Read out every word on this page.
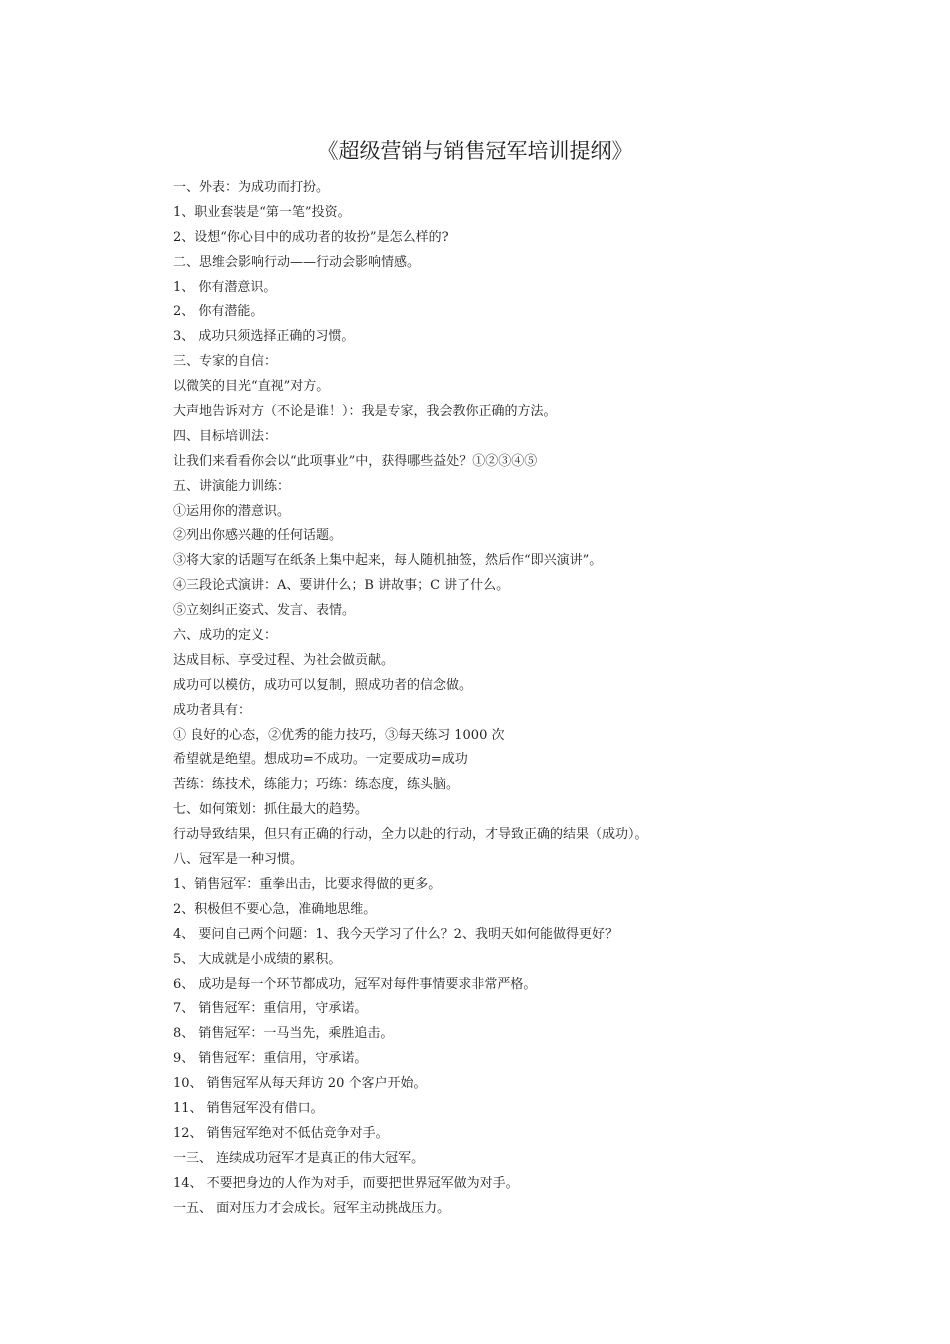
《超级营销与销售冠军培训提纲》
一、外表：为成功而打扮。
1、职业套装是“第一笔”投资。
2、设想“你心目中的成功者的妆扮”是怎么样的?
二、思维会影响行动——行动会影响情感。
1、 你有潜意识。
2、 你有潜能。
3、 成功只须选择正确的习惯。
三、专家的自信：
以微笑的目光“直视”对方。
大声地告诉对方（不论是谁！）：我是专家，我会教你正确的方法。
四、目标培训法：
让我们来看看你会以“此项事业”中，获得哪些益处？①②③④⑤
五、讲演能力训练：
①运用你的潜意识。
②列出你感兴趣的任何话题。
③将大家的话题写在纸条上集中起来，每人随机抽签，然后作“即兴演讲”。
④三段论式演讲：A、要讲什么；B 讲故事；C 讲了什么。
⑤立刻纠正姿式、发言、表情。
六、成功的定义：
达成目标、享受过程、为社会做贡献。
成功可以模仿，成功可以复制，照成功者的信念做。
成功者具有：
① 良好的心态，②优秀的能力技巧，③每天练习 1000 次
希望就是绝望。想成功=不成功。一定要成功=成功
苦练：练技术，练能力；巧练：练态度，练头脑。
七、如何策划：抓住最大的趋势。
行动导致结果，但只有正确的行动，全力以赴的行动，才导致正确的结果（成功）。
八、冠军是一种习惯。
1、销售冠军：重拳出击，比要求得做的更多。
2、积极但不要心急，准确地思维。
4、 要问自己两个问题：1、我今天学习了什么？2、我明天如何能做得更好？
5、 大成就是小成绩的累积。
6、 成功是每一个环节都成功，冠军对每件事情要求非常严格。
7、 销售冠军：重信用，守承诺。
8、 销售冠军：一马当先，乘胜追击。
9、 销售冠军：重信用，守承诺。
10、 销售冠军从每天拜访 20 个客户开始。
11、 销售冠军没有借口。
12、 销售冠军绝对不低估竞争对手。
一三、 连续成功冠军才是真正的伟大冠军。
14、 不要把身边的人作为对手，而要把世界冠军做为对手。
一五、 面对压力才会成长。冠军主动挑战压力。
